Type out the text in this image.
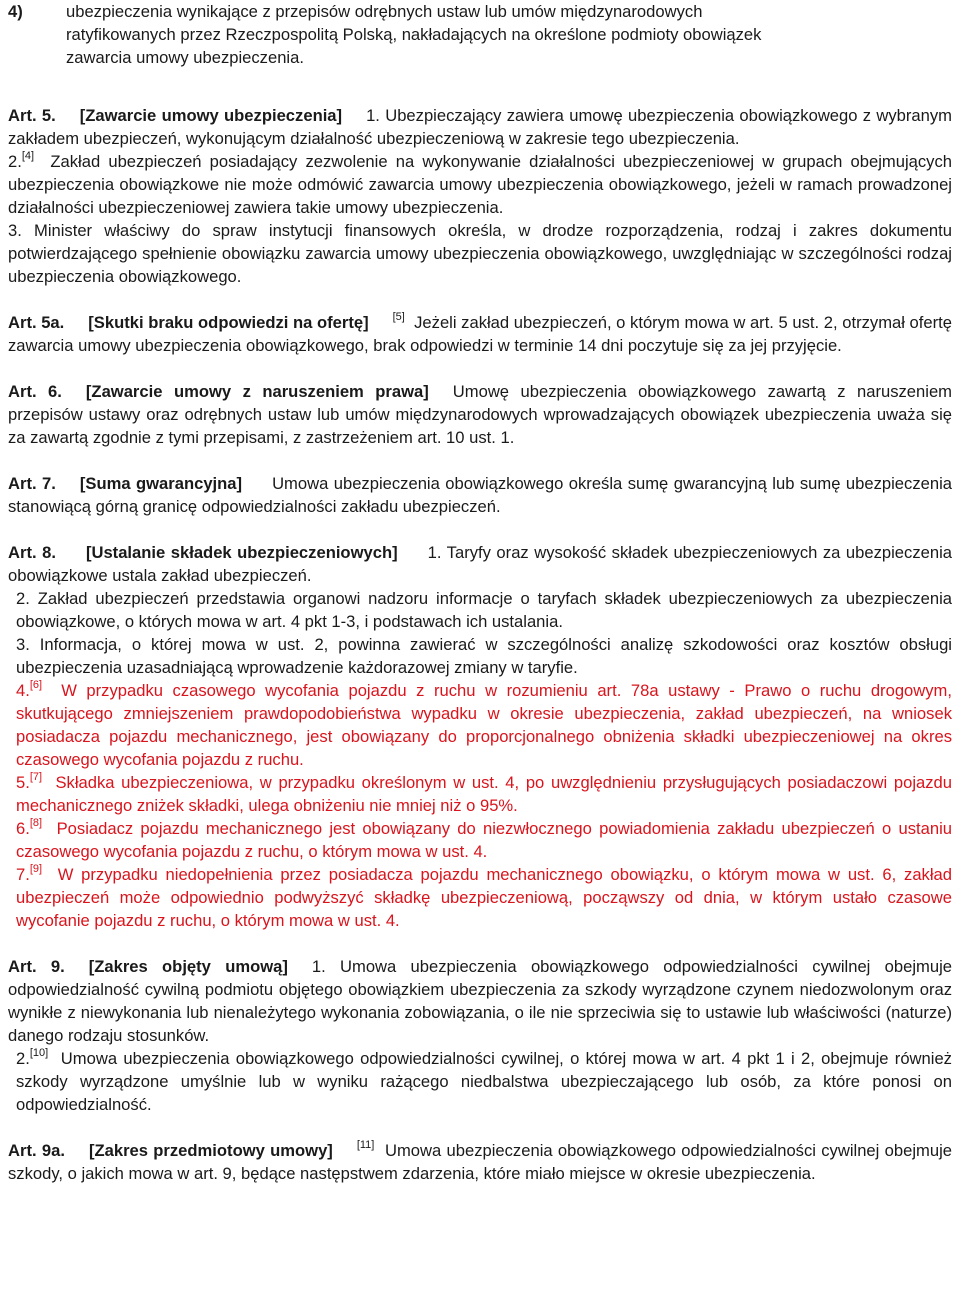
4)	ubezpieczenia wynikające z przepisów odrębnych ustaw lub umów międzynarodowych
ratyfikowanych przez Rzeczpospolitą Polską, nakładających na określone podmioty obowiązek
zawarcia umowy ubezpieczenia.
Art. 5. [Zawarcie umowy ubezpieczenia] 1. Ubezpieczający zawiera umowę ubezpieczenia obowiązkowego z wybranym zakładem ubezpieczeń, wykonującym działalność ubezpieczeniową w zakresie tego ubezpieczenia.
2.[4] Zakład ubezpieczeń posiadający zezwolenie na wykonywanie działalności ubezpieczeniowej w grupach obejmujących ubezpieczenia obowiązkowe nie może odmówić zawarcia umowy ubezpieczenia obowiązkowego, jeżeli w ramach prowadzonej działalności ubezpieczeniowej zawiera takie umowy ubezpieczenia.
3. Minister właściwy do spraw instytucji finansowych określa, w drodze rozporządzenia, rodzaj i zakres dokumentu potwierdzającego spełnienie obowiązku zawarcia umowy ubezpieczenia obowiązkowego, uwzględniając w szczególności rodzaj ubezpieczenia obowiązkowego.
Art. 5a. [Skutki braku odpowiedzi na ofertę] [5] Jeżeli zakład ubezpieczeń, o którym mowa w art. 5 ust. 2, otrzymał ofertę zawarcia umowy ubezpieczenia obowiązkowego, brak odpowiedzi w terminie 14 dni poczytuje się za jej przyjęcie.
Art. 6. [Zawarcie umowy z naruszeniem prawa] Umowę ubezpieczenia obowiązkowego zawartą z naruszeniem przepisów ustawy oraz odrębnych ustaw lub umów międzynarodowych wprowadzających obowiązek ubezpieczenia uważa się za zawartą zgodnie z tymi przepisami, z zastrzeżeniem art. 10 ust. 1.
Art. 7. [Suma gwarancyjna] Umowa ubezpieczenia obowiązkowego określa sumę gwarancyjną lub sumę ubezpieczenia stanowiącą górną granicę odpowiedzialności zakładu ubezpieczeń.
Art. 8. [Ustalanie składek ubezpieczeniowych] 1. Taryfy oraz wysokość składek ubezpieczeniowych za ubezpieczenia obowiązkowe ustala zakład ubezpieczeń.
2. Zakład ubezpieczeń przedstawia organowi nadzoru informacje o taryfach składek ubezpieczeniowych za ubezpieczenia obowiązkowe, o których mowa w art. 4 pkt 1-3, i podstawach ich ustalania.
3. Informacja, o której mowa w ust. 2, powinna zawierać w szczególności analizę szkodowości oraz kosztów obsługi ubezpieczenia uzasadniającą wprowadzenie każdorazowej zmiany w taryfie.
4.[6] W przypadku czasowego wycofania pojazdu z ruchu w rozumieniu art. 78a ustawy - Prawo o ruchu drogowym, skutkującego zmniejszeniem prawdopodobieństwa wypadku w okresie ubezpieczenia, zakład ubezpieczeń, na wniosek posiadacza pojazdu mechanicznego, jest obowiązany do proporcjonalnego obniżenia składki ubezpieczeniowej na okres czasowego wycofania pojazdu z ruchu.
5.[7] Składka ubezpieczeniowa, w przypadku określonym w ust. 4, po uwzględnieniu przysługujących posiadaczowi pojazdu mechanicznego zniżek składki, ulega obniżeniu nie mniej niż o 95%.
6.[8] Posiadacz pojazdu mechanicznego jest obowiązany do niezwłocznego powiadomienia zakładu ubezpieczeń o ustaniu czasowego wycofania pojazdu z ruchu, o którym mowa w ust. 4.
7.[9] W przypadku niedopełnienia przez posiadacza pojazdu mechanicznego obowiązku, o którym mowa w ust. 6, zakład ubezpieczeń może odpowiednio podwyższyć składkę ubezpieczeniową, począwszy od dnia, w którym ustało czasowe wycofanie pojazdu z ruchu, o którym mowa w ust. 4.
Art. 9. [Zakres objęty umową] 1. Umowa ubezpieczenia obowiązkowego odpowiedzialności cywilnej obejmuje odpowiedzialność cywilną podmiotu objętego obowiązkiem ubezpieczenia za szkody wyrządzone czynem niedozwolonym oraz wynikłe z niewykonania lub nienależytego wykonania zobowiązania, o ile nie sprzeciwia się to ustawie lub właściwości (naturze) danego rodzaju stosunków.
2.[10] Umowa ubezpieczenia obowiązkowego odpowiedzialności cywilnej, o której mowa w art. 4 pkt 1 i 2, obejmuje również szkody wyrządzone umyślnie lub w wyniku rażącego niedbalstwa ubezpieczającego lub osób, za które ponosi on odpowiedzialność.
Art. 9a. [Zakres przedmiotowy umowy] [11] Umowa ubezpieczenia obowiązkowego odpowiedzialności cywilnej obejmuje szkody, o jakich mowa w art. 9, będące następstwem zdarzenia, które miało miejsce w okresie ubezpieczenia.
